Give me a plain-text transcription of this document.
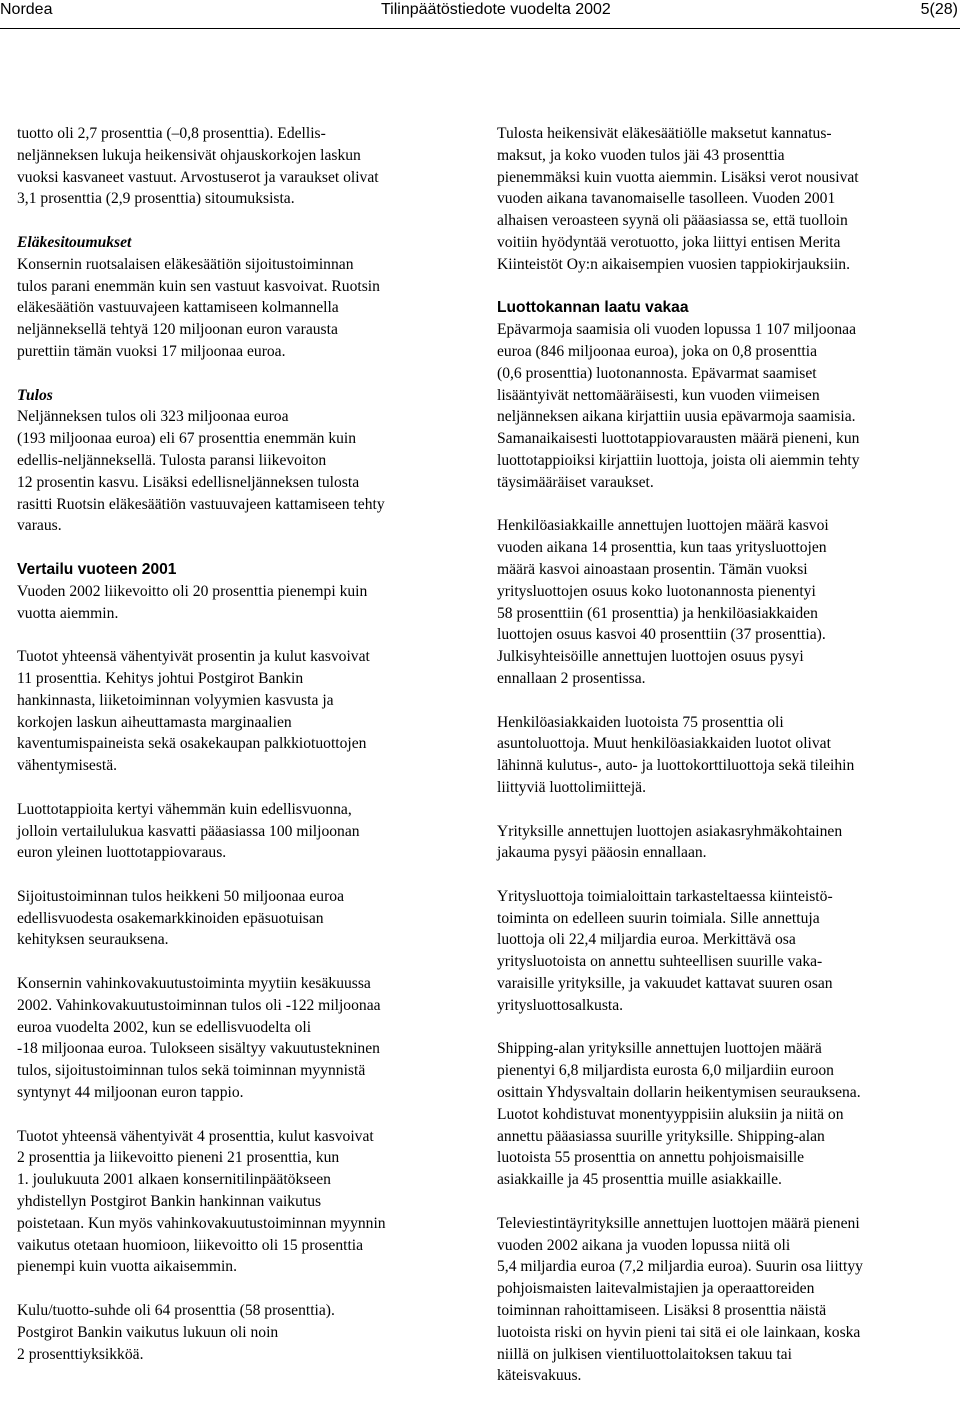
Nordea	Tilinpäätöstiedote vuodelta 2002	5(28)

tuotto oli 2,7 prosenttia (–0,8 prosenttia). Edellis-
neljänneksen lukuja heikensivät ohjauskorkojen laskun
vuoksi kasvaneet vastuut. Arvostuserot ja varaukset olivat
3,1 prosenttia (2,9 prosenttia) sitoumuksista.

Eläkesitoumukset

Konsernin ruotsalaisen eläkesäätiön sijoitustoiminnan
tulos parani enemmän kuin sen vastuut kasvoivat. Ruotsin
eläkesäätiön vastuuvajeen kattamiseen kolmannella
neljänneksellä tehtyä 120 miljoonan euron varausta
purettiin tämän vuoksi 17 miljoonaa euroa.

Tulos

Neljänneksen tulos oli 323 miljoonaa euroa
(193 miljoonaa euroa) eli 67 prosenttia enemmän kuin
edellis-neljänneksellä. Tulosta paransi liikevoiton
12 prosentin kasvu. Lisäksi edellisneljänneksen tulosta
rasitti Ruotsin eläkesäätiön vastuuvajeen kattamiseen tehty
varaus.

Vertailu vuoteen 2001

Vuoden 2002 liikevoitto oli 20 prosenttia pienempi kuin
vuotta aiemmin.

Tuotot yhteensä vähentyivät prosentin ja kulut kasvoivat
11 prosenttia. Kehitys johtui Postgirot Bankin
hankinnasta, liiketoiminnan volyymien kasvusta ja
korkojen laskun aiheuttamasta marginaalien
kaventumispaineista sekä osakekaupan palkkiotuottojen
vähentymisestä.

Luottotappioita kertyi vähemmän kuin edellisvuonna,
jolloin vertailulukua kasvatti pääasiassa 100 miljoonan
euron yleinen luottotappiovaraus.

Sijoitustoiminnan tulos heikkeni 50 miljoonaa euroa
edellisvuodesta osakemarkkinoiden epäsuotuisan
kehityksen seurauksena.

Konsernin vahinkovakuutustoiminta myytiin kesäkuussa
2002. Vahinkovakuutustoiminnan tulos oli -122 miljoonaa
euroa vuodelta 2002, kun se edellisvuodelta oli
-18 miljoonaa euroa. Tulokseen sisältyy vakuutustekninen
tulos, sijoitustoiminnan tulos sekä toiminnan myynnistä
syntynyt 44 miljoonan euron tappio.

Tuotot yhteensä vähentyivät 4 prosenttia, kulut kasvoivat
2 prosenttia ja liikevoitto pieneni 21 prosenttia, kun
1. joulukuuta 2001 alkaen konsernitilinpäätökseen
yhdistellyn Postgirot Bankin hankinnan vaikutus
poistetaan. Kun myös vahinkovakuutustoiminnan myynnin
vaikutus otetaan huomioon, liikevoitto oli 15 prosenttia
pienempi kuin vuotta aikaisemmin.

Kulu/tuotto-suhde oli 64 prosenttia (58 prosenttia).
Postgirot Bankin vaikutus lukuun oli noin
2 prosenttiyksikköä.

Tulosta heikensivät eläkesäätiölle maksetut kannatus-
maksut, ja koko vuoden tulos jäi 43 prosenttia
pienemmäksi kuin vuotta aiemmin. Lisäksi verot nousivat
vuoden aikana tavanomaiselle tasolleen. Vuoden 2001
alhaisen veroasteen syynä oli pääasiassa se, että tuolloin
voitiin hyödyntää verotuotto, joka liittyi entisen Merita
Kiinteistöt Oy:n aikaisempien vuosien tappiokirjauksiin.

Luottokannan laatu vakaa

Epävarmoja saamisia oli vuoden lopussa 1 107 miljoonaa
euroa (846 miljoonaa euroa), joka on 0,8 prosenttia
(0,6 prosenttia) luotonannosta. Epävarmat saamiset
lisääntyivät nettomääräisesti, kun vuoden viimeisen
neljänneksen aikana kirjattiin uusia epävarmoja saamisia.
Samanaikaisesti luottotappiovarausten määrä pieneni, kun
luottotappioiksi kirjattiin luottoja, joista oli aiemmin tehty
täysimääräiset varaukset.

Henkilöasiakkaille annettujen luottojen määrä kasvoi
vuoden aikana 14 prosenttia, kun taas yritysluottojen
määrä kasvoi ainoastaan prosentin. Tämän vuoksi
yritysluottojen osuus koko luotonannosta pienentyi
58 prosenttiin (61 prosenttia) ja henkilöasiakkaiden
luottojen osuus kasvoi 40 prosenttiin (37 prosenttia).
Julkisyhteisöille annettujen luottojen osuus pysyi
ennallaan 2 prosentissa.

Henkilöasiakkaiden luotoista 75 prosenttia oli
asuntoluottoja. Muut henkilöasiakkaiden luotot olivat
lähinnä kulutus-, auto- ja luottokorttiluottoja sekä tileihin
liittyviä luottolimiittejä.

Yrityksille annettujen luottojen asiakasryhmäkohtainen
jakauma pysyi pääosin ennallaan.

Yritysluottoja toimialoittain tarkasteltaessa kiinteistö-
toiminta on edelleen suurin toimiala. Sille annettuja
luottoja oli 22,4 miljardia euroa. Merkittävä osa
yritysluotoista on annettu suhteellisen suurille vaka-
varaisille yrityksille, ja vakuudet kattavat suuren osan
yritysluottosalkusta.

Shipping-alan yrityksille annettujen luottojen määrä
pienentyi 6,8 miljardista eurosta 6,0 miljardiin euroon
osittain Yhdysvaltain dollarin heikentymisen seurauksena.
Luotot kohdistuvat monentyyppisiin aluksiin ja niitä on
annettu pääasiassa suurille yrityksille. Shipping-alan
luotoista 55 prosenttia on annettu pohjoismaisille
asiakkaille ja 45 prosenttia muille asiakkaille.

Televiestintäyrityksille annettujen luottojen määrä pieneni
vuoden 2002 aikana ja vuoden lopussa niitä oli
5,4 miljardia euroa (7,2 miljardia euroa). Suurin osa liittyy
pohjoismaisten laitevalmistajien ja operaattoreiden
toiminnan rahoittamiseen. Lisäksi 8 prosenttia näistä
luotoista riski on hyvin pieni tai sitä ei ole lainkaan, koska
niillä on julkisen vientiluottolaitoksen takuu tai
käteisvakuus.
